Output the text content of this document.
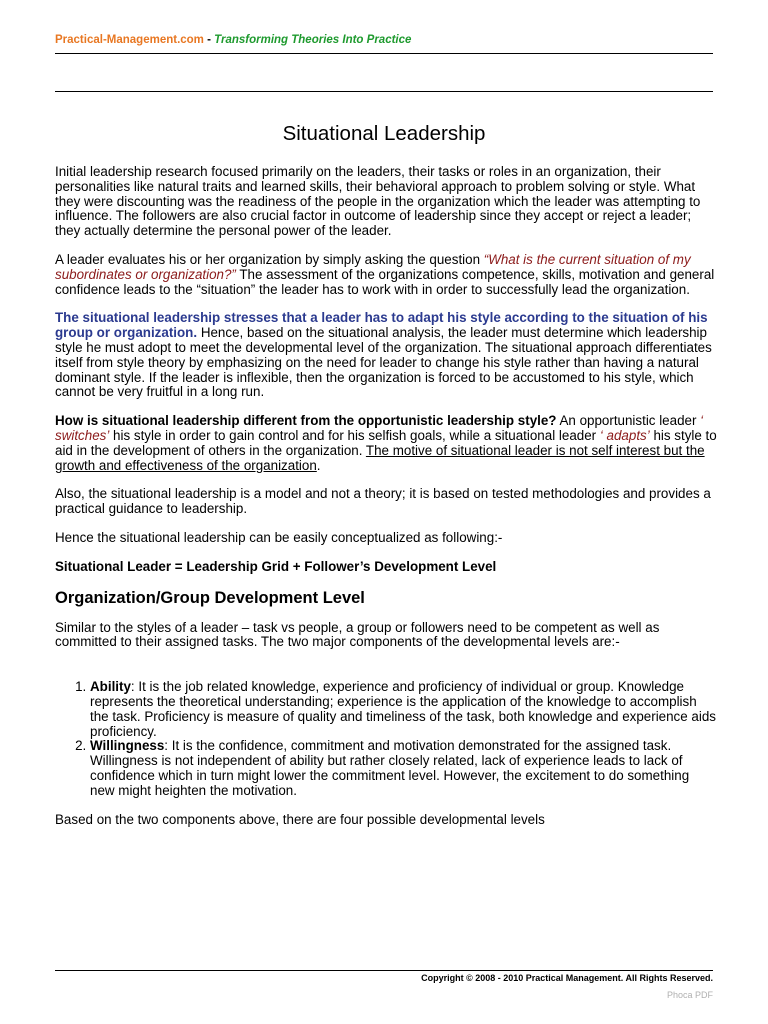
Practical-Management.com - Transforming Theories Into Practice
Situational Leadership

Initial leadership research focused primarily on the leaders, their tasks or roles in an organization, their personalities like natural traits and learned skills, their behavioral approach to problem solving or style. What they were discounting was the readiness of the people in the organization which the leader was attempting to influence. The followers are also crucial factor in outcome of leadership since they accept or reject a leader; they actually determine the personal power of the leader.

A leader evaluates his or her organization by simply asking the question “What is the current situation of my subordinates or organization?” The assessment of the organizations competence, skills, motivation and general confidence leads to the “situation” the leader has to work with in order to successfully lead the organization.

The situational leadership stresses that a leader has to adapt his style according to the situation of his group or organization. Hence, based on the situational analysis, the leader must determine which leadership style he must adopt to meet the developmental level of the organization. The situational approach differentiates itself from style theory by emphasizing on the need for leader to change his style rather than having a natural dominant style. If the leader is inflexible, then the organization is forced to be accustomed to his style, which cannot be very fruitful in a long run.

How is situational leadership different from the opportunistic leadership style? An opportunistic leader ‘ switches’ his style in order to gain control and for his selfish goals, while a situational leader ‘ adapts’ his style to aid in the development of others in the organization. The motive of situational leader is not self interest but the growth and effectiveness of the organization.

Also, the situational leadership is a model and not a theory; it is based on tested methodologies and provides a practical guidance to leadership.

Hence the situational leadership can be easily conceptualized as following:-

Situational Leader = Leadership Grid + Follower’s Development Level

Organization/Group Development Level

Similar to the styles of a leader – task vs people, a group or followers need to be competent as well as committed to their assigned tasks. The two major components of the developmental levels are:-

1. Ability: It is the job related knowledge, experience and proficiency of individual or group. Knowledge represents the theoretical understanding; experience is the application of the knowledge to accomplish the task. Proficiency is measure of quality and timeliness of the task, both knowledge and experience aids proficiency.
2. Willingness: It is the confidence, commitment and motivation demonstrated for the assigned task. Willingness is not independent of ability but rather closely related, lack of experience leads to lack of confidence which in turn might lower the commitment level. However, the excitement to do something new might heighten the motivation.

Based on the two components above, there are four possible developmental levels

Copyright © 2008 - 2010 Practical Management. All Rights Reserved.
Phoca PDF
